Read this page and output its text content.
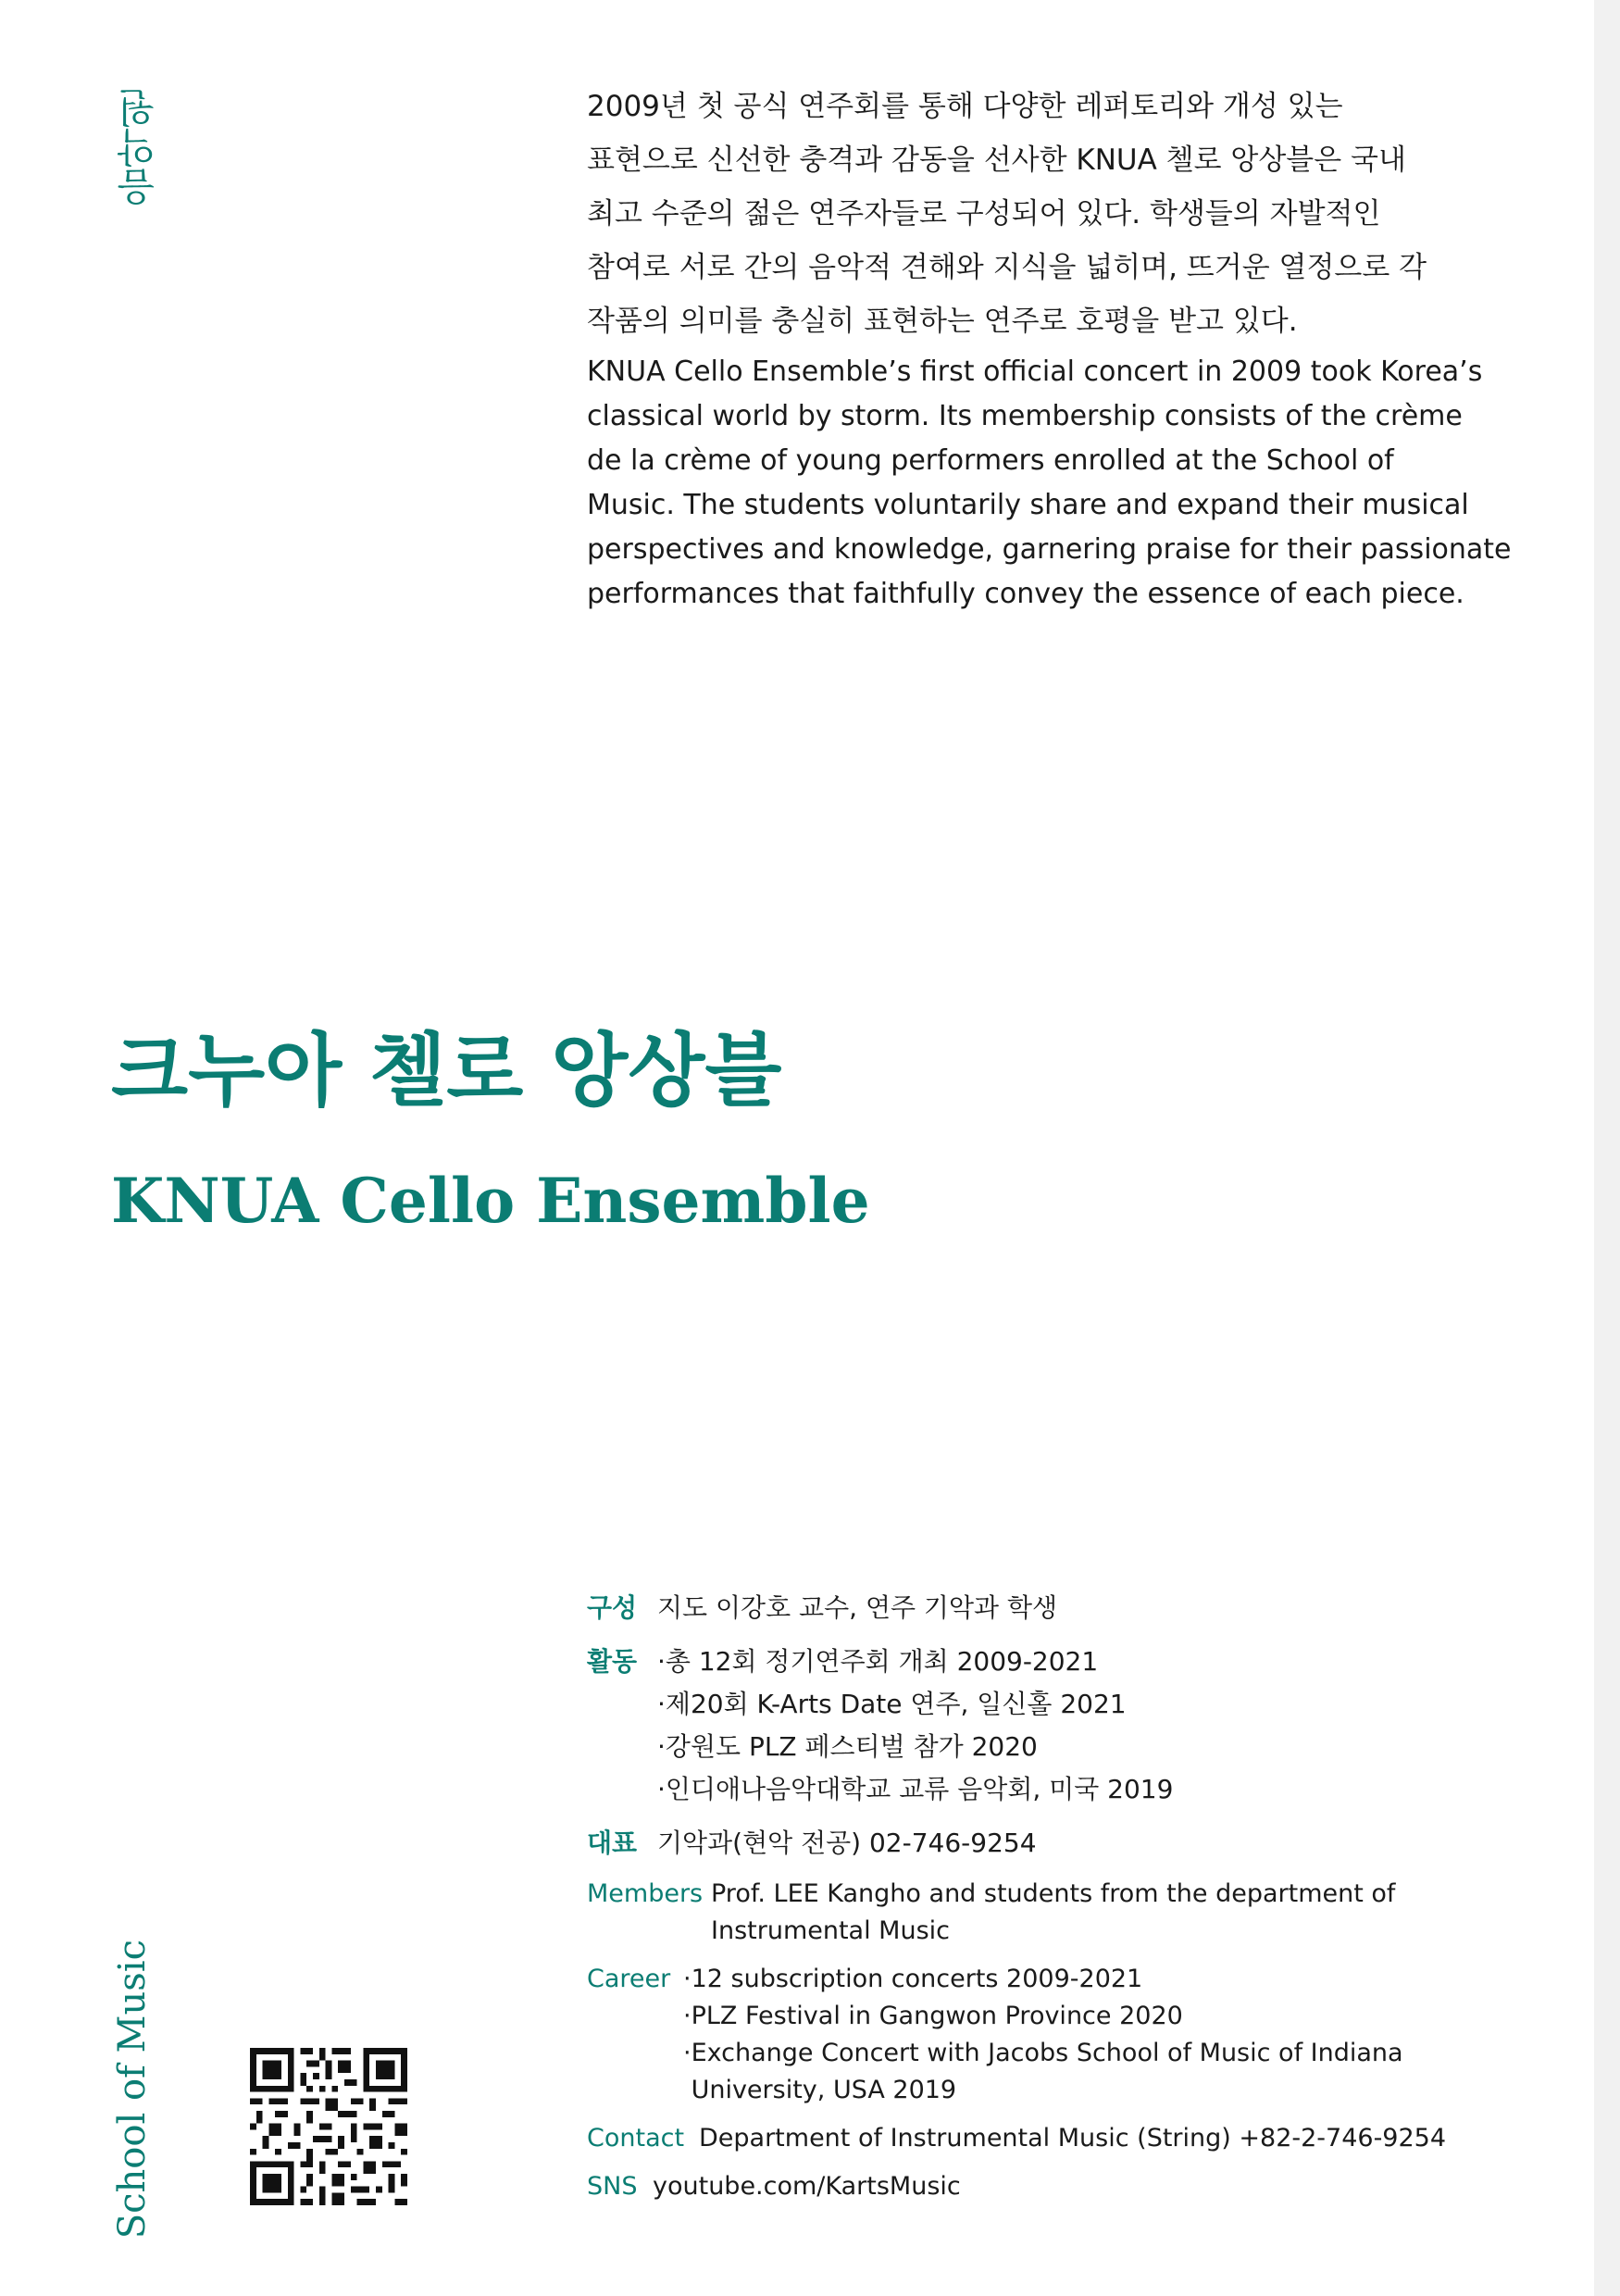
음악원	2009년 첫 공식 연주회를 통해 다양한 레퍼토리와 개성 있는
표현으로 신선한 충격과 감동을 선사한 KNUA 첼로 앙상블은 국내
최고 수준의 젊은 연주자들로 구성되어 있다. 학생들의 자발적인
참여로 서로 간의 음악적 견해와 지식을 넓히며, 뜨거운 열정으로 각
작품의 의미를 충실히 표현하는 연주로 호평을 받고 있다.
KNUA Cello Ensemble’s first official concert in 2009 took Korea’s
classical world by storm. Its membership consists of the crème
de la crème of young performers enrolled at the School of
Music. The students voluntarily share and expand their musical
perspectives and knowledge, garnering praise for their passionate
performances that faithfully convey the essence of each piece.
크누아 첼로 앙상블
KNUA Cello Ensemble
구성 지도 이강호 교수, 연주 기악과 학생
활동 ·총 12회 정기연주회 개최 2009-2021
·제20회 K-Arts Date 연주, 일신홀 2021
·강원도 PLZ 페스티벌 참가 2020
·인디애나음악대학교 교류 음악회, 미국 2019
대표 기악과(현악 전공) 02-746-9254
Members Prof. LEE Kangho and students from the department of
Instrumental Music
Career ·12 subscription concerts 2009-2021
·PLZ Festival in Gangwon Province 2020
·Exchange Concert with Jacobs School of Music of Indiana
University, USA 2019
Contact Department of Instrumental Music (String) +82-2-746-9254
SNS youtube.com/KartsMusic
School of Music
